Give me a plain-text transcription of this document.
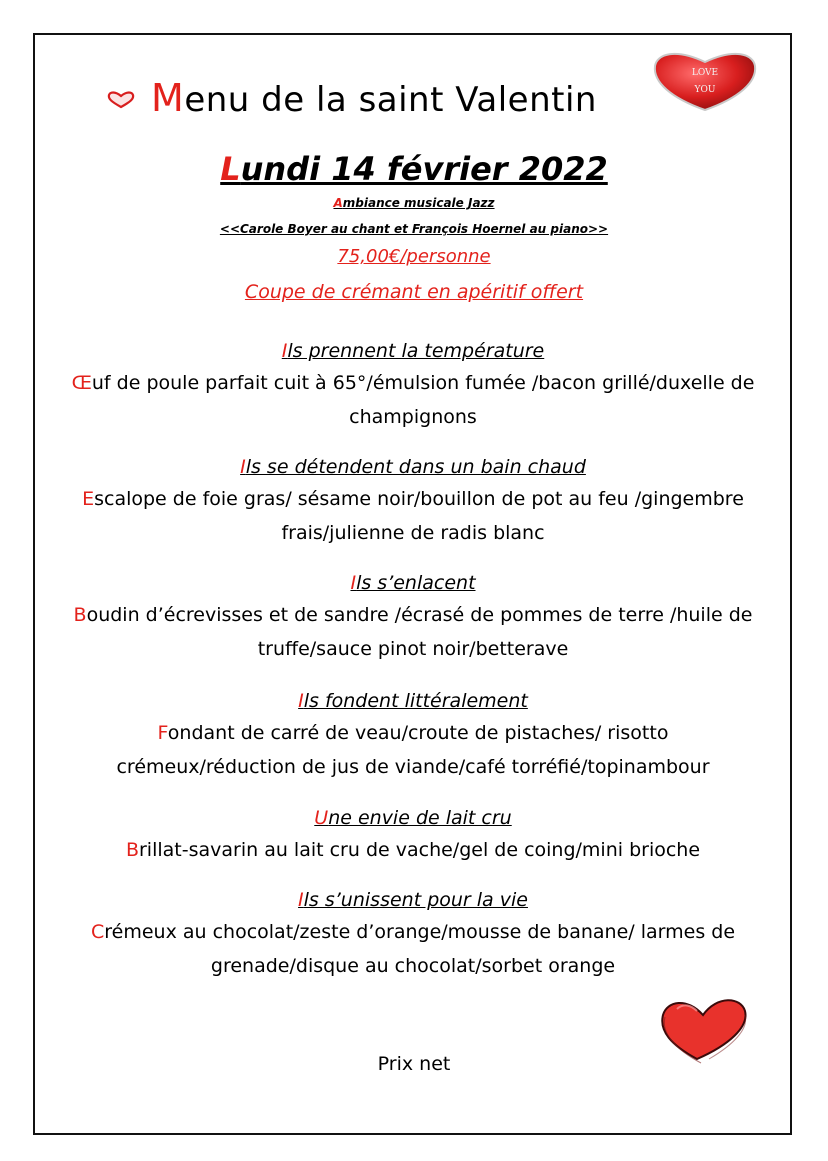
LOVE
YOU
Menu de la saint Valentin
Lundi 14 février 2022
Ambiance musicale Jazz
<<Carole Boyer au chant et François Hoernel au piano>>
75,00€/personne
Coupe de crémant en apéritif offert
Ils prennent la température
Œuf de poule parfait cuit à 65°/émulsion fumée /bacon grillé/duxelle de
champignons
Ils se détendent dans un bain chaud
Escalope de foie gras/ sésame noir/bouillon de pot au feu /gingembre
frais/julienne de radis blanc
Ils s’enlacent
Boudin d’écrevisses et de sandre /écrasé de pommes de terre /huile de
truffe/sauce pinot noir/betterave
Ils fondent littéralement
Fondant de carré de veau/croute de pistaches/ risotto
crémeux/réduction de jus de viande/café torréfié/topinambour
Une envie de lait cru
Brillat-savarin au lait cru de vache/gel de coing/mini brioche
Ils s’unissent pour la vie
Crémeux au chocolat/zeste d’orange/mousse de banane/ larmes de
grenade/disque au chocolat/sorbet orange
Prix net
